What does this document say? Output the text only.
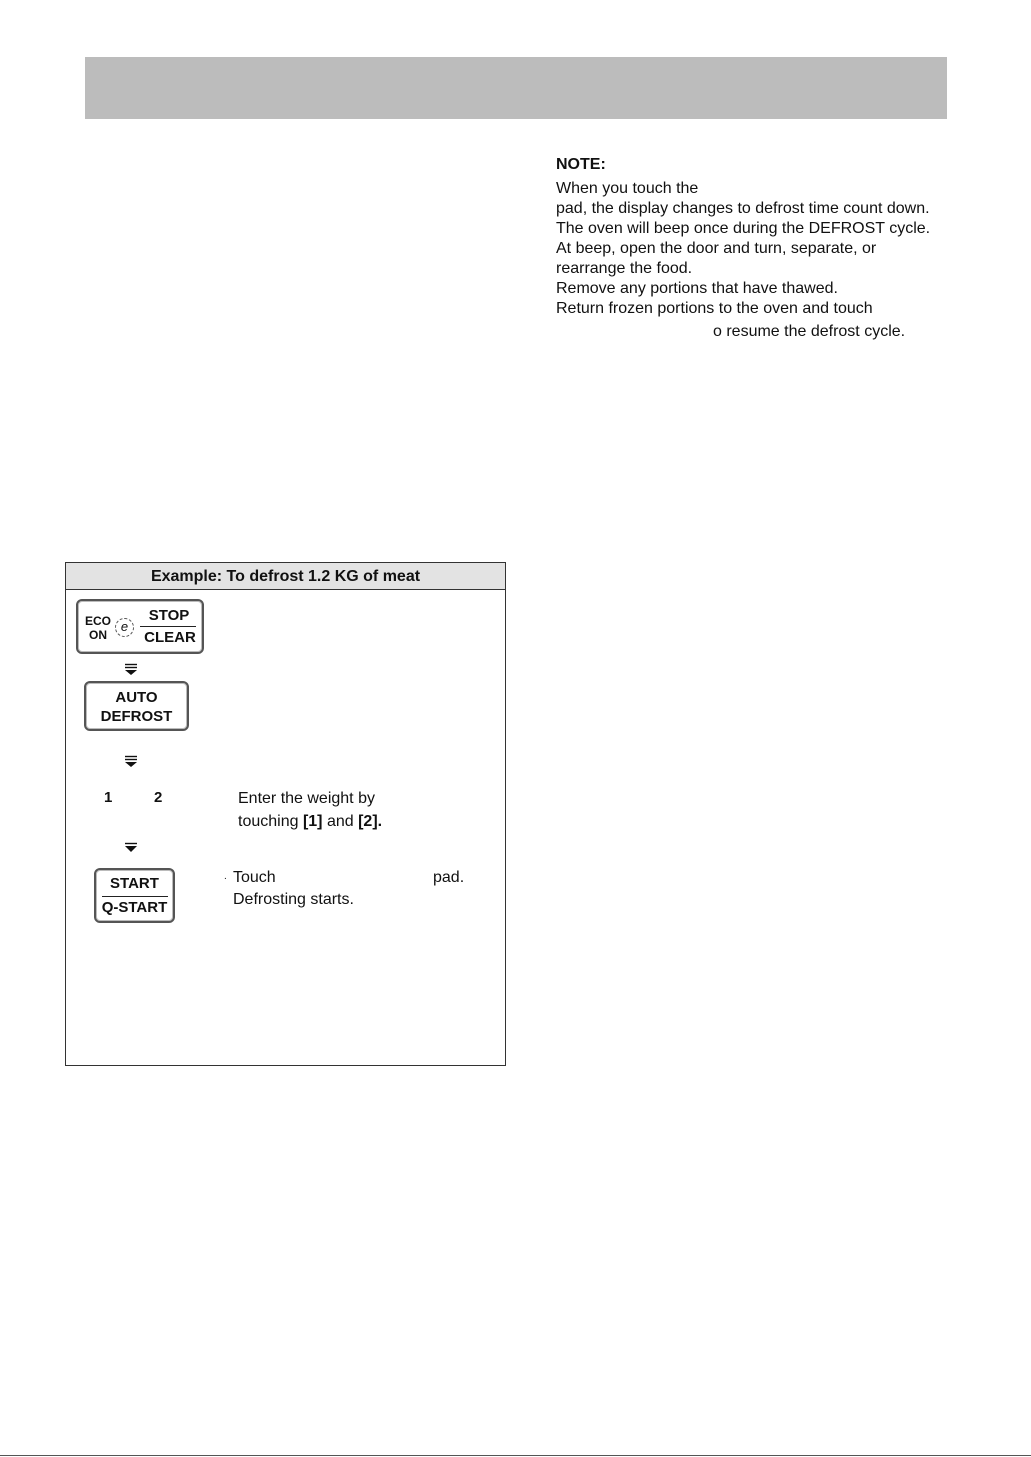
NOTE:
When you touch the
pad, the display changes to defrost time count down.
The oven will beep once during the DEFROST cycle.
At beep, open the door and turn, separate, or
rearrange the food.
Remove any portions that have thawed.
Return frozen portions to the oven and touch
o resume the defrost cycle.
Example: To defrost 1.2 KG of meat
ECO
ON
e
STOP
CLEAR
AUTO
DEFROST
1	2	Enter the weight by
touching [1] and [2].
START
Q-START
. Touch	pad.
Defrosting starts.
